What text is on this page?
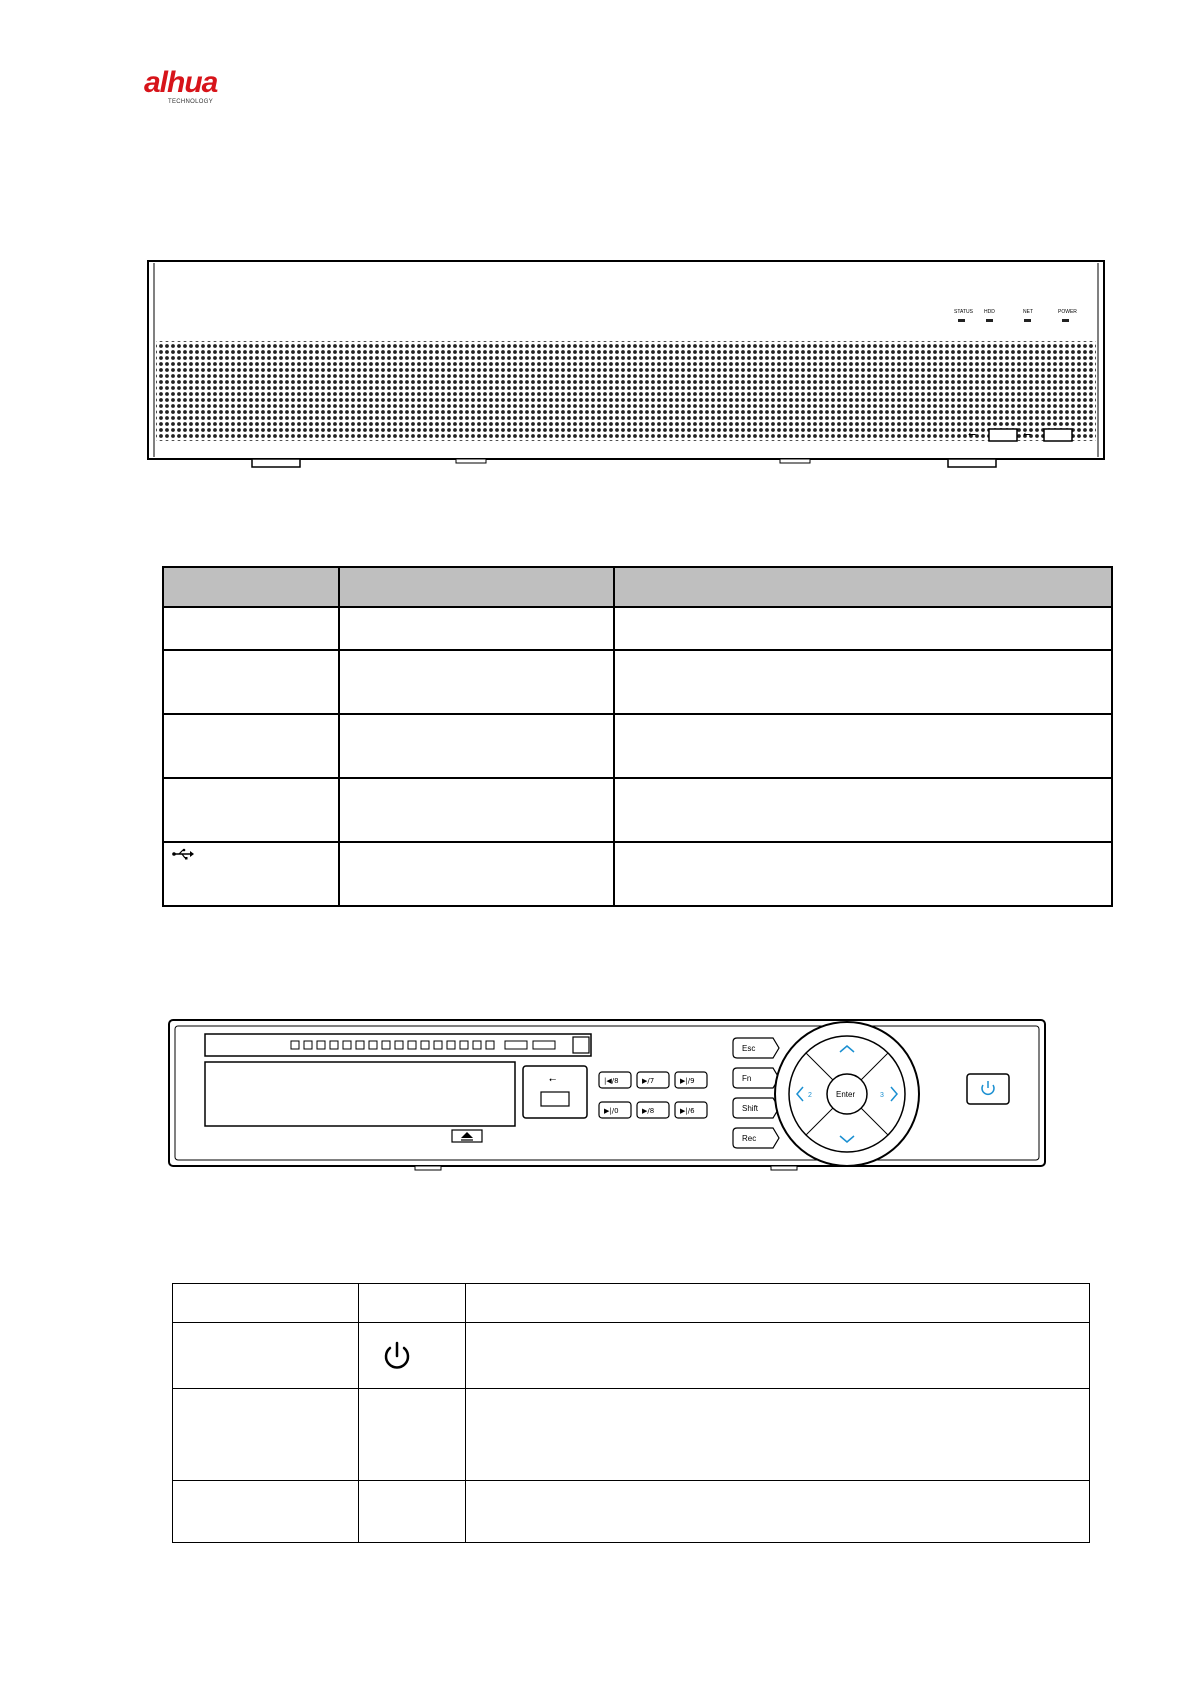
alhua
TECHNOLOGY
STATUS HDD	NET	POWER
⭠	⭠

⭠	|◀/8	▶/7	▶|/9
▶|/0	▶/8	▶|/6
Esc
Fn
Shift
Rec
Enter
2	3
